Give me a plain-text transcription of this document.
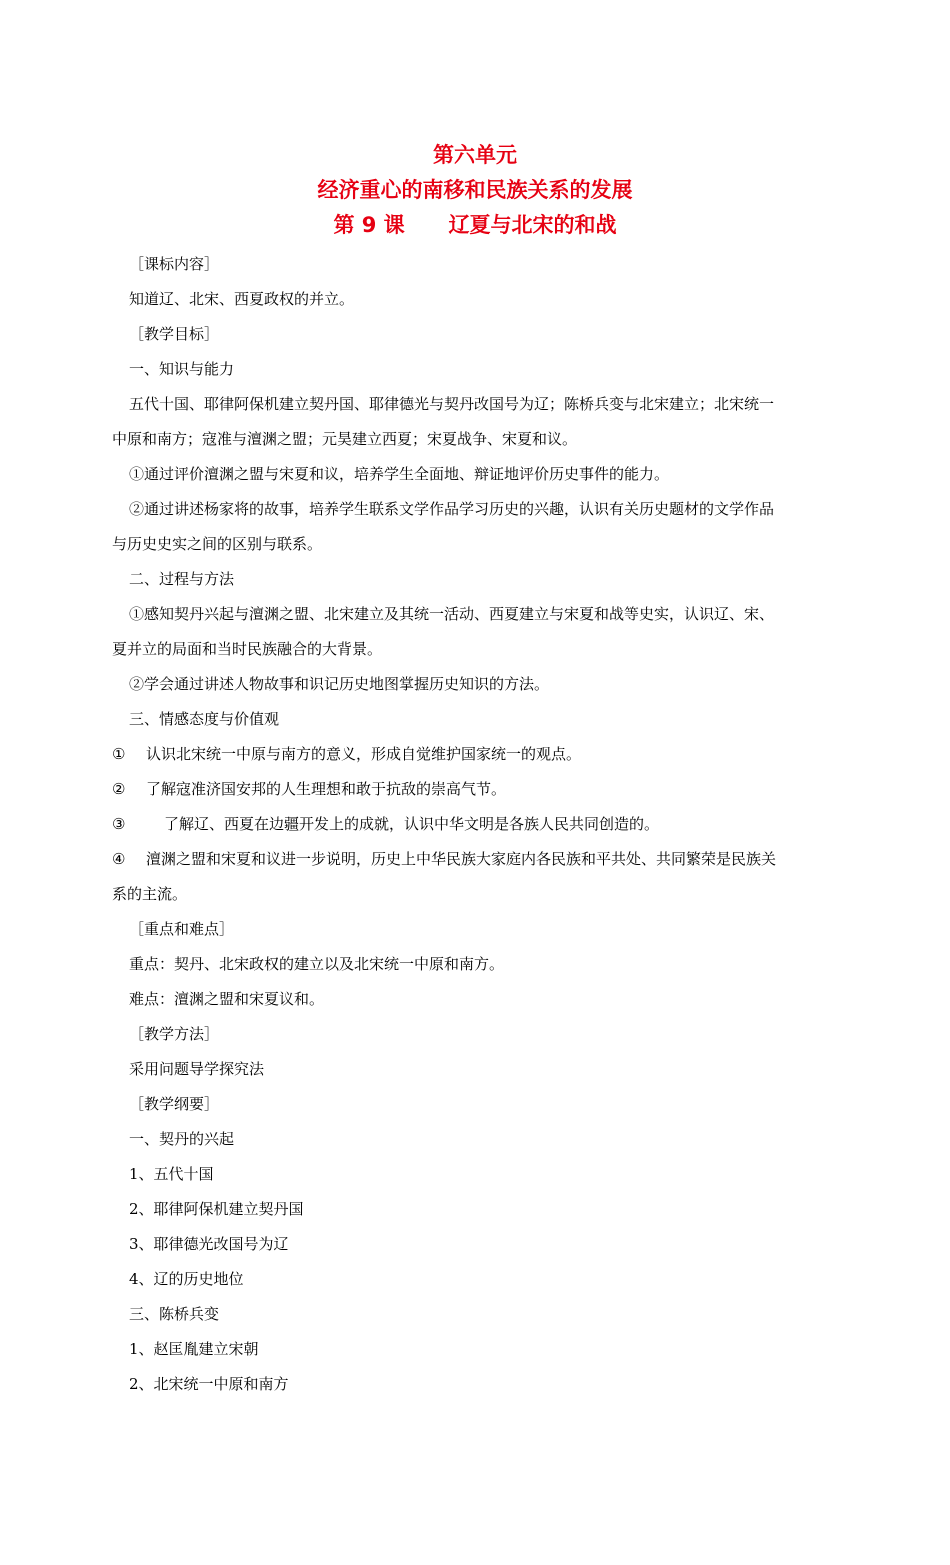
第六单元
经济重心的南移和民族关系的发展
第 9 课      辽夏与北宋的和战
［课标内容］
知道辽、北宋、西夏政权的并立。
［教学目标］
一、知识与能力
五代十国、耶律阿保机建立契丹国、耶律德光与契丹改国号为辽；陈桥兵变与北宋建立；北宋统一
中原和南方；寇准与澶渊之盟；元昊建立西夏；宋夏战争、宋夏和议。
①通过评价澶渊之盟与宋夏和议，培养学生全面地、辩证地评价历史事件的能力。
②通过讲述杨家将的故事，培养学生联系文学作品学习历史的兴趣，认识有关历史题材的文学作品
与历史史实之间的区别与联系。
二、过程与方法
①感知契丹兴起与澶渊之盟、北宋建立及其统一活动、西夏建立与宋夏和战等史实，认识辽、宋、
夏并立的局面和当时民族融合的大背景。
②学会通过讲述人物故事和识记历史地图掌握历史知识的方法。
三、情感态度与价值观
① 认识北宋统一中原与南方的意义，形成自觉维护国家统一的观点。
② 了解寇准济国安邦的人生理想和敢于抗敌的崇高气节。
③	了解辽、西夏在边疆开发上的成就，认识中华文明是各族人民共同创造的。
④ 澶渊之盟和宋夏和议进一步说明，历史上中华民族大家庭内各民族和平共处、共同繁荣是民族关
系的主流。
［重点和难点］
重点：契丹、北宋政权的建立以及北宋统一中原和南方。
难点：澶渊之盟和宋夏议和。
［教学方法］
采用问题导学探究法
［教学纲要］
一、契丹的兴起
1、五代十国
2、耶律阿保机建立契丹国
3、耶律德光改国号为辽
4、辽的历史地位
三、陈桥兵变
1、赵匡胤建立宋朝
2、北宋统一中原和南方
